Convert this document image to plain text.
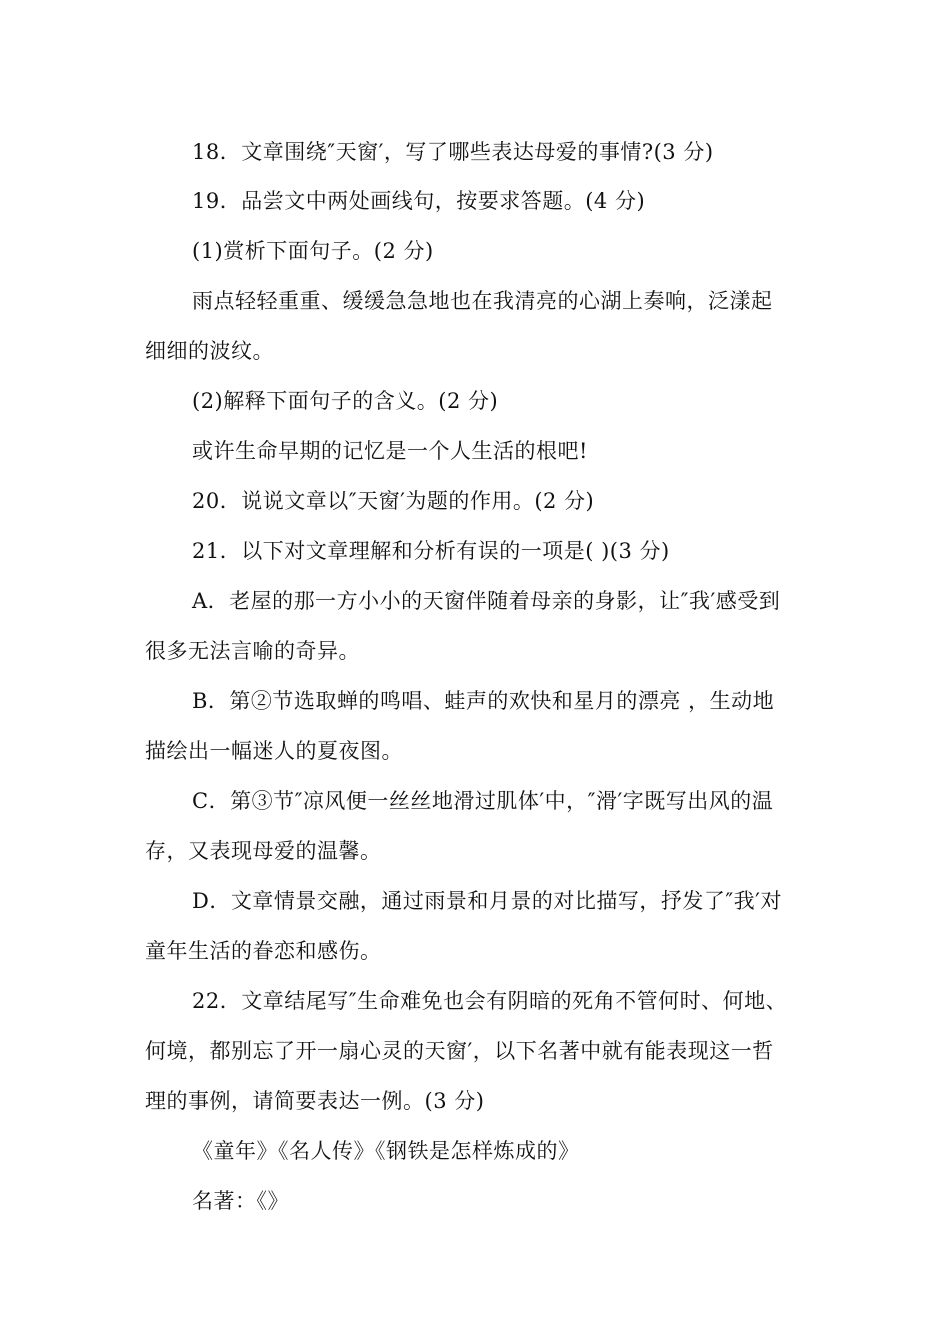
18．文章围绕″天窗′，写了哪些表达母爱的事情?(3 分)
19．品尝文中两处画线句，按要求答题。(4 分)
(1)赏析下面句子。(2 分)
雨点轻轻重重、缓缓急急地也在我清亮的心湖上奏响，泛漾起
细细的波纹。
(2)解释下面句子的含义。(2 分)
或许生命早期的记忆是一个人生活的根吧!
20．说说文章以″天窗′为题的作用。(2 分)
21．以下对文章理解和分析有误的一项是( )(3 分)
A．老屋的那一方小小的天窗伴随着母亲的身影，让″我′感受到
很多无法言喻的奇异。
B．第②节选取蝉的鸣唱、蛙声的欢快和星月的漂亮 ，生动地
描绘出一幅迷人的夏夜图。
C．第③节″凉风便一丝丝地滑过肌体′中，″滑′字既写出风的温
存，又表现母爱的温馨。
D．文章情景交融，通过雨景和月景的对比描写，抒发了″我′对
童年生活的眷恋和感伤。
22．文章结尾写″生命难免也会有阴暗的死角不管何时、何地、
何境，都别忘了开一扇心灵的天窗′，以下名著中就有能表现这一哲
理的事例，请简要表达一例。(3 分)
《童年》《名人传》《钢铁是怎样炼成的》
名著：《》
